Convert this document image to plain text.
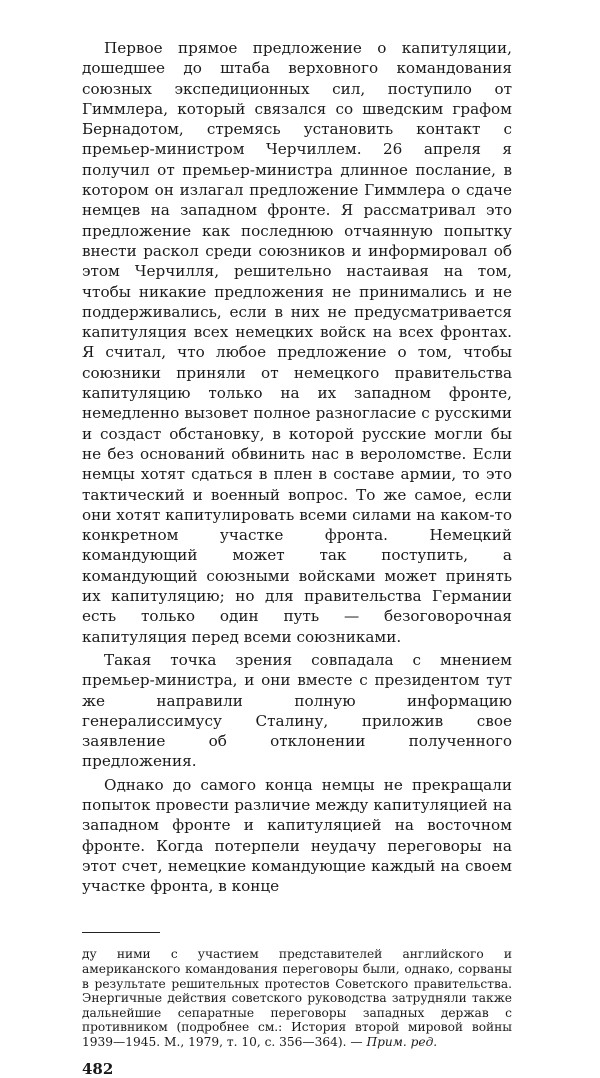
Первое прямое предложение о капитуляции, дошедшее до штаба верховного командования союзных экспедиционных сил, поступило от Гиммлера, который связался со шведским графом Бернадотом, стремясь установить контакт с премьер-министром Черчиллем. 26 апреля я получил от премьер-министра длинное послание, в котором он излагал предложение Гиммлера о сдаче немцев на западном фронте. Я рассматривал это предложение как последнюю отчаянную попытку внести раскол среди союзников и информировал об этом Черчилля, решительно настаивая на том, чтобы никакие предложения не принимались и не поддерживались, если в них не предусматривается капитуляция всех немецких войск на всех фронтах. Я считал, что любое предложение о том, чтобы союзники приняли от немецкого правительства капитуляцию только на их западном фронте, немедленно вызовет полное разногласие с русскими и создаст обстановку, в которой русские могли бы не без оснований обвинить нас в вероломстве. Если немцы хотят сдаться в плен в составе армии, то это тактический и военный вопрос. То же самое, если они хотят капитулировать всеми силами на каком-то конкретном участке фронта. Немецкий командующий может так поступить, а командующий союзными войсками может принять их капитуляцию; но для правительства Германии есть только один путь — безоговорочная капитуляция перед всеми союзниками.

Такая точка зрения совпадала с мнением премьер-министра, и они вместе с президентом тут же направили полную информацию генералиссимусу Сталину, приложив свое заявление об отклонении полученного предложения.

Однако до самого конца немцы не прекращали попыток провести различие между капитуляцией на западном фронте и капитуляцией на восточном фронте. Когда потерпели неудачу переговоры на этот счет, немецкие командующие каждый на своем участке фронта, в конце

ду ними с участием представителей английского и американского командования переговоры были, однако, сорваны в результате решительных протестов Советского правительства. Энергичные действия советского руководства затрудняли также дальнейшие сепаратные переговоры западных держав с противником (подробнее см.: История второй мировой войны 1939—1945. М., 1979, т. 10, с. 356—364). — Прим. ред.

482
